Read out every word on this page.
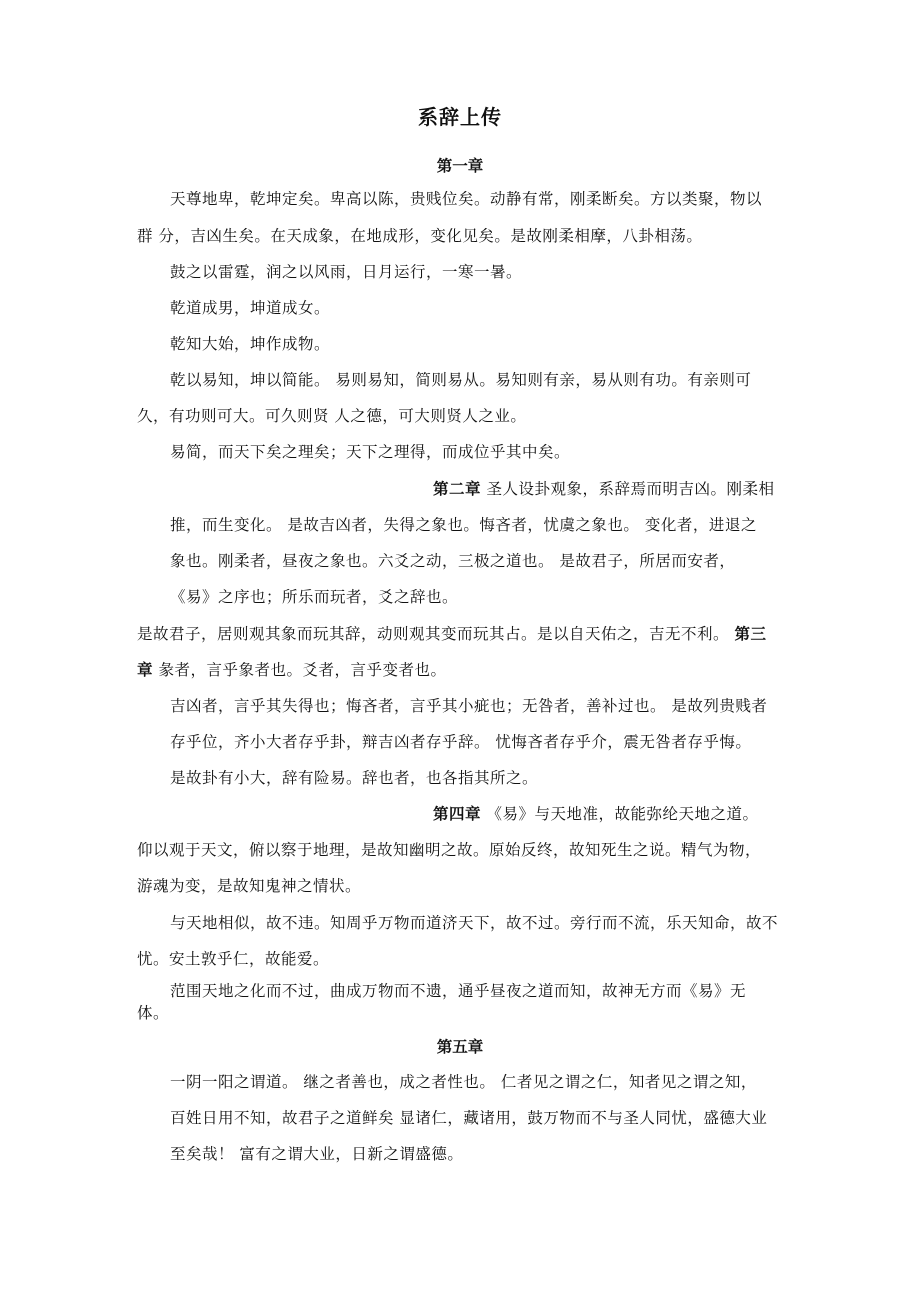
系辞上传
第一章
天尊地卑，乾坤定矣。卑高以陈，贵贱位矣。动静有常，刚柔断矣。方以类聚，物以
群 分，吉凶生矣。在天成象，在地成形，变化见矣。是故刚柔相摩，八卦相荡。
鼓之以雷霆，润之以风雨，日月运行，一寒一暑。
乾道成男，坤道成女。
乾知大始，坤作成物。
乾以易知，坤以简能。 易则易知，简则易从。易知则有亲，易从则有功。有亲则可
久，有功则可大。可久则贤 人之德，可大则贤人之业。
易简，而天下矣之理矣；天下之理得，而成位乎其中矣。
第二章 圣人设卦观象，系辞焉而明吉凶。刚柔相
推，而生变化。 是故吉凶者，失得之象也。悔吝者，忧虞之象也。 变化者，进退之
象也。刚柔者，昼夜之象也。六爻之动，三极之道也。 是故君子，所居而安者，
《易》之序也；所乐而玩者，爻之辞也。
是故君子，居则观其象而玩其辞，动则观其变而玩其占。是以自天佑之，吉无不利。 第三
章 彖者，言乎象者也。爻者，言乎变者也。
吉凶者，言乎其失得也；悔吝者，言乎其小疵也；无咎者，善补过也。 是故列贵贱者
存乎位，齐小大者存乎卦，辩吉凶者存乎辞。 忧悔吝者存乎介，震无咎者存乎悔。
是故卦有小大，辞有险易。辞也者，也各指其所之。
第四章 《易》与天地准，故能弥纶天地之道。
仰以观于天文，俯以察于地理，是故知幽明之故。原始反终，故知死生之说。精气为物，
游魂为变，是故知鬼神之情状。
与天地相似，故不违。知周乎万物而道济天下，故不过。旁行而不流，乐天知命，故不
忧。安土敦乎仁，故能爱。
范围天地之化而不过，曲成万物而不遗，通乎昼夜之道而知，故神无方而《易》无
体。
第五章
一阴一阳之谓道。 继之者善也，成之者性也。 仁者见之谓之仁，知者见之谓之知，
百姓日用不知，故君子之道鲜矣 显诸仁，藏诸用，鼓万物而不与圣人同忧，盛德大业
至矣哉！ 富有之谓大业，日新之谓盛德。
